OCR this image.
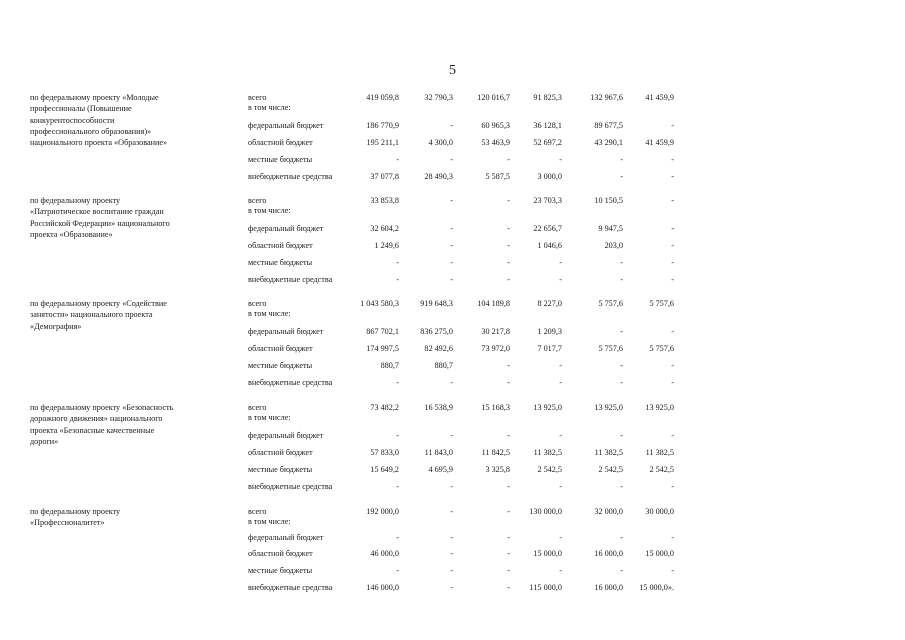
5
по федеральному проекту «Молодые профессионалы (Повышение конкурентоспособности профессионального образования)» национального проекта «Образование»
всего	419 059,8	32 790,3	120 016,7	91 825,3	132 967,6	41 459,9
в том числе:
федеральный бюджет	186 770,9	-	60 965,3	36 128,1	89 677,5	-
областной бюджет	195 211,1	4 300,0	53 463,9	52 697,2	43 290,1	41 459,9
местные бюджеты	-	-	-	-	-	-
внебюджетные средства	37 077,8	28 490,3	5 587,5	3 000,0	-	-
по федеральному проекту «Патриотическое воспитание граждан Российской Федерации» национального проекта «Образование»
всего	33 853,8	-	-	23 703,3	10 150,5	-
в том числе:
федеральный бюджет	32 604,2	-	-	22 656,7	9 947,5	-
областной бюджет	1 249,6	-	-	1 046,6	203,0	-
местные бюджеты	-	-	-	-	-	-
внебюджетные средства	-	-	-	-	-	-
по федеральному проекту «Содействие занятости» национального проекта «Демография»
всего	1 043 580,3	919 648,3	104 189,8	8 227,0	5 757,6	5 757,6
в том числе:
федеральный бюджет	867 702,1	836 275,0	30 217,8	1 209,3	-	-
областной бюджет	174 997,5	82 492,6	73 972,0	7 017,7	5 757,6	5 757,6
местные бюджеты	880,7	880,7	-	-	-	-
внебюджетные средства	-	-	-	-	-	-
по федеральному проекту «Безопасность дорожного движения» национального проекта «Безопасные качественные дороги»
всего	73 482,2	16 538,9	15 168,3	13 925,0	13 925,0	13 925,0
в том числе:
федеральный бюджет	-	-	-	-	-	-
областной бюджет	57 833,0	11 843,0	11 842,5	11 382,5	11 382,5	11 382,5
местные бюджеты	15 649,2	4 695,9	3 325,8	2 542,5	2 542,5	2 542,5
внебюджетные средства	-	-	-	-	-	-
по федеральному проекту «Профессионалитет»
всего	192 000,0	-	-	130 000,0	32 000,0	30 000,0
в том числе:
федеральный бюджет	-	-	-	-	-	-
областной бюджет	46 000,0	-	-	15 000,0	16 000,0	15 000,0
местные бюджеты	-	-	-	-	-	-
внебюджетные средства	146 000,0	-	-	115 000,0	16 000,0	15 000,0».
